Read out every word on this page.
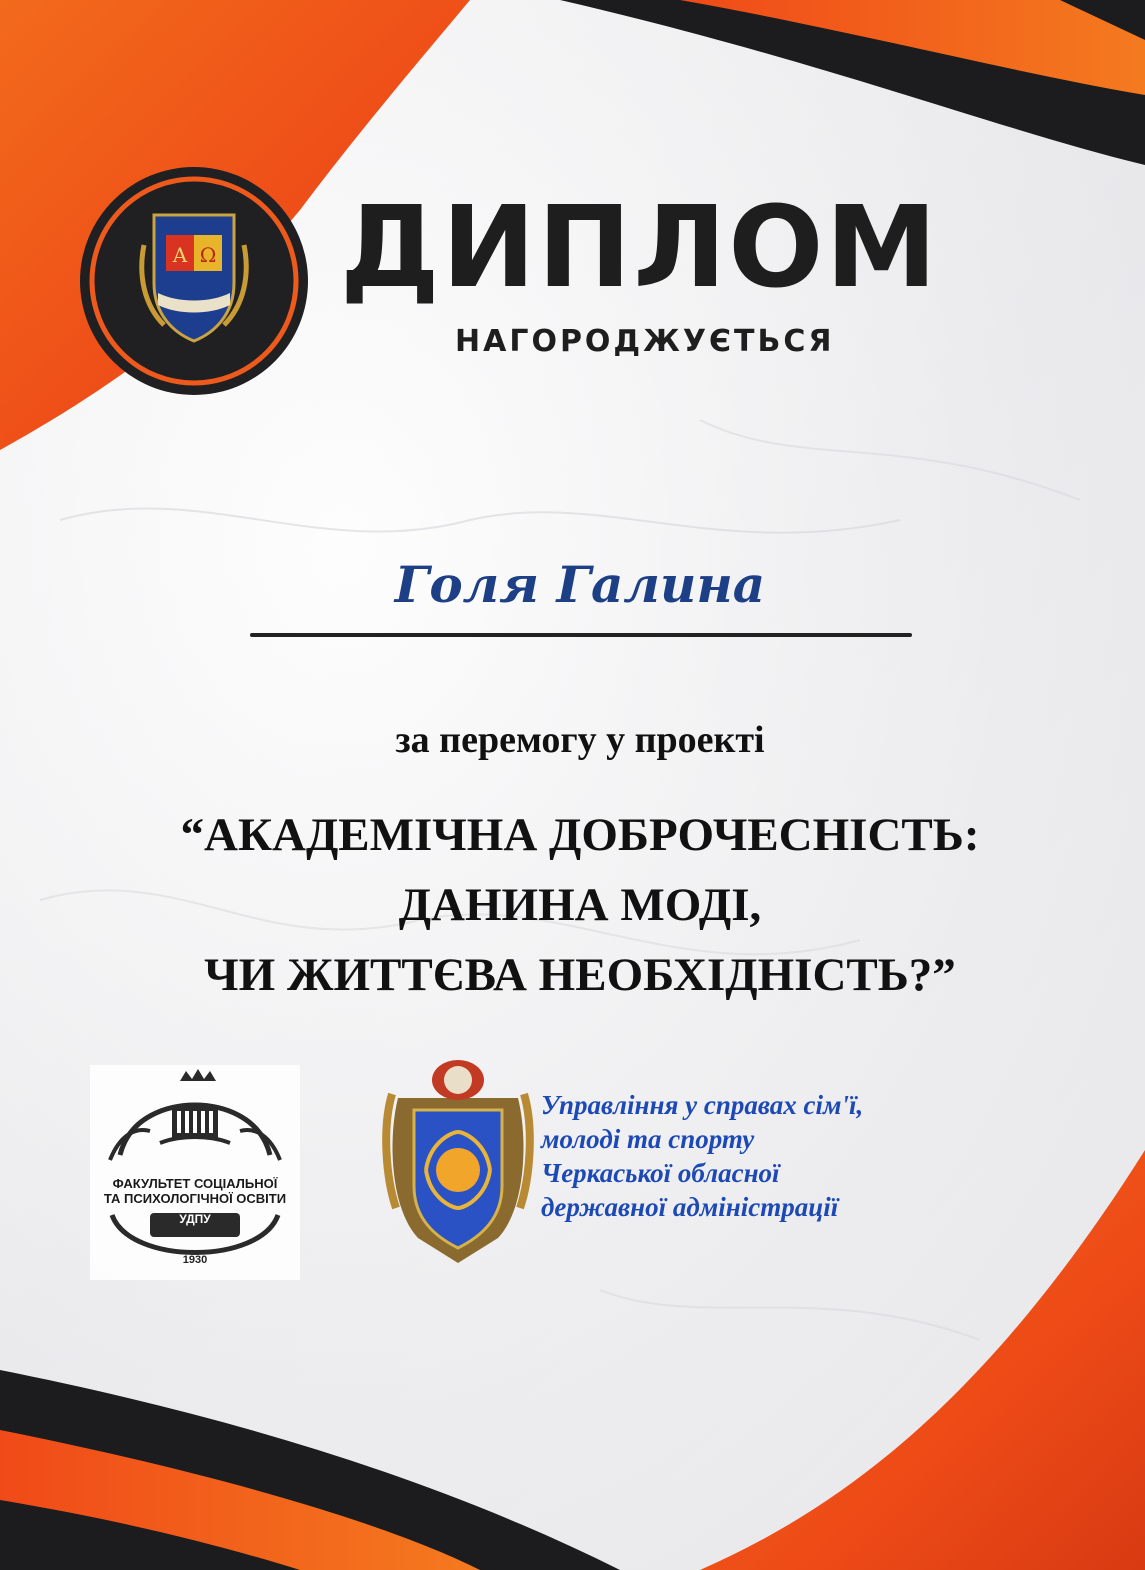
Α Ω ДИПЛОМ
НАГОРОДЖУЄТЬСЯ
Голя Галина
за перемогу у проекті
“АКАДЕМІЧНА ДОБРОЧЕСНІСТЬ:
ДАНИНА МОДІ,
ЧИ ЖИТТЄВА НЕОБХІДНІСТЬ?”
ФАКУЛЬТЕТ СОЦІАЛЬНОЇ
ТА ПСИХОЛОГІЧНОЇ ОСВІТИ
УДПУ
1930
Управління у справах сім'ї,
молоді та спорту
Черкаської обласної
державної адміністрації
